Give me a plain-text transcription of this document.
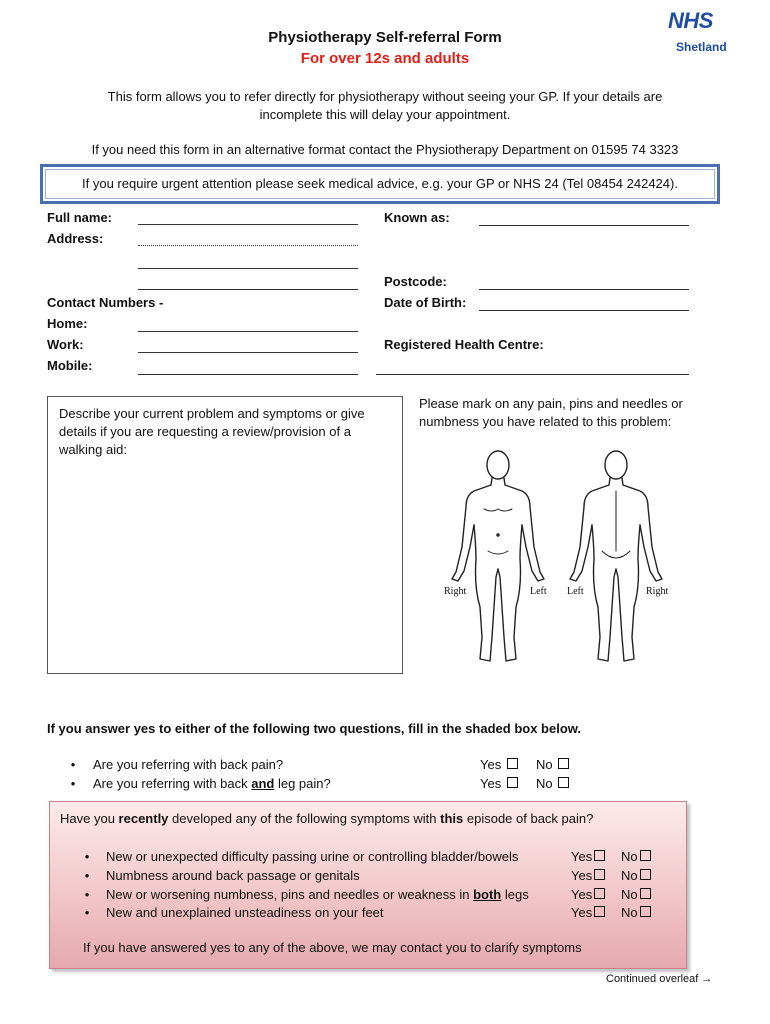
Physiotherapy Self-referral Form
For over 12s and adults
NHS
Shetland
This form allows you to refer directly for physiotherapy without seeing your GP. If your details are
incomplete this will delay your appointment.
If you need this form in an alternative format contact the Physiotherapy Department on 01595 74 3323
If you require urgent attention please seek medical advice, e.g. your GP or NHS 24 (Tel 08454 242424).
Full name:	Known as:
Address:
Postcode:
Contact Numbers -	Date of Birth:
Home:
Work:	Registered Health Centre:
Mobile:
Describe your current problem and symptoms or give details if you are requesting a review/provision of a walking aid:
Please mark on any pain, pins and needles or numbness you have related to this problem:
Right	Left Left	Right
If you answer yes to either of the following two questions, fill in the shaded box below.
•	Are you referring with back pain?	Yes	No
•	Are you referring with back and leg pain?	Yes	No
Have you recently developed any of the following symptoms with this episode of back pain?
•	New or unexpected difficulty passing urine or controlling bladder/bowels	Yes	No
•	Numbness around back passage or genitals	Yes	No
•	New or worsening numbness, pins and needles or weakness in both legs	Yes	No
•	New and unexplained unsteadiness on your feet	Yes	No
If you have answered yes to any of the above, we may contact you to clarify symptoms
Continued overleaf →
